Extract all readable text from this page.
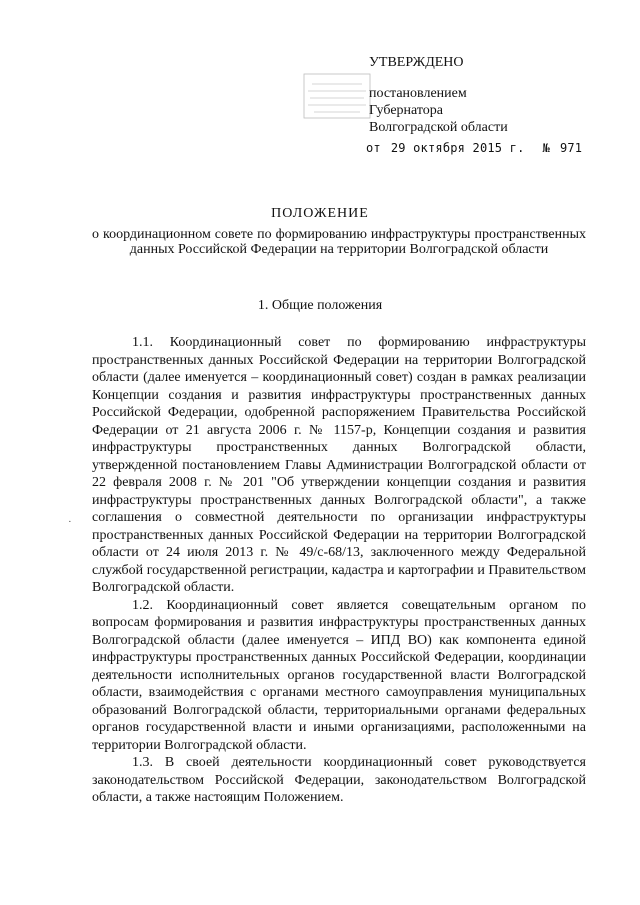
УТВЕРЖДЕНО
постановлением
Губернатора
Волгоградской области
от 29 октября 2015 г. № 971
ПОЛОЖЕНИЕ
о координационном совете по формированию инфраструктуры пространственных данных Российской Федерации на территории Волгоградской области
1. Общие положения

1.1. Координационный совет по формированию инфраструктуры пространственных данных Российской Федерации на территории Волгоградской области (далее именуется – координационный совет) создан в рамках реализации Концепции создания и развития инфраструктуры пространственных данных Российской Федерации, одобренной распоряжением Правительства Российской Федерации от 21 августа 2006 г. № 1157-р, Концепции создания и развития инфраструктуры пространственных данных Волгоградской области, утвержденной постановлением Главы Администрации Волгоградской области от 22 февраля 2008 г. № 201 "Об утверждении концепции создания и развития инфраструктуры пространственных данных Волгоградской области", а также соглашения о совместной деятельности по организации инфраструктуры пространственных данных Российской Федерации на территории Волгоградской области от 24 июля 2013 г. № 49/с-68/13, заключенного между Федеральной службой государственной регистрации, кадастра и картографии и Правительством Волгоградской области.

1.2. Координационный совет является совещательным органом по вопросам формирования и развития инфраструктуры пространственных данных Волгоградской области (далее именуется – ИПД ВО) как компонента единой инфраструктуры пространственных данных Российской Федерации, координации деятельности исполнительных органов государственной власти Волгоградской области, взаимодействия с органами местного самоуправления муниципальных образований Волгоградской области, территориальными органами федеральных органов государственной власти и иными организациями, расположенными на территории Волгоградской области.

1.3. В своей деятельности координационный совет руководствуется законодательством Российской Федерации, законодательством Волгоградской области, а также настоящим Положением.

·
